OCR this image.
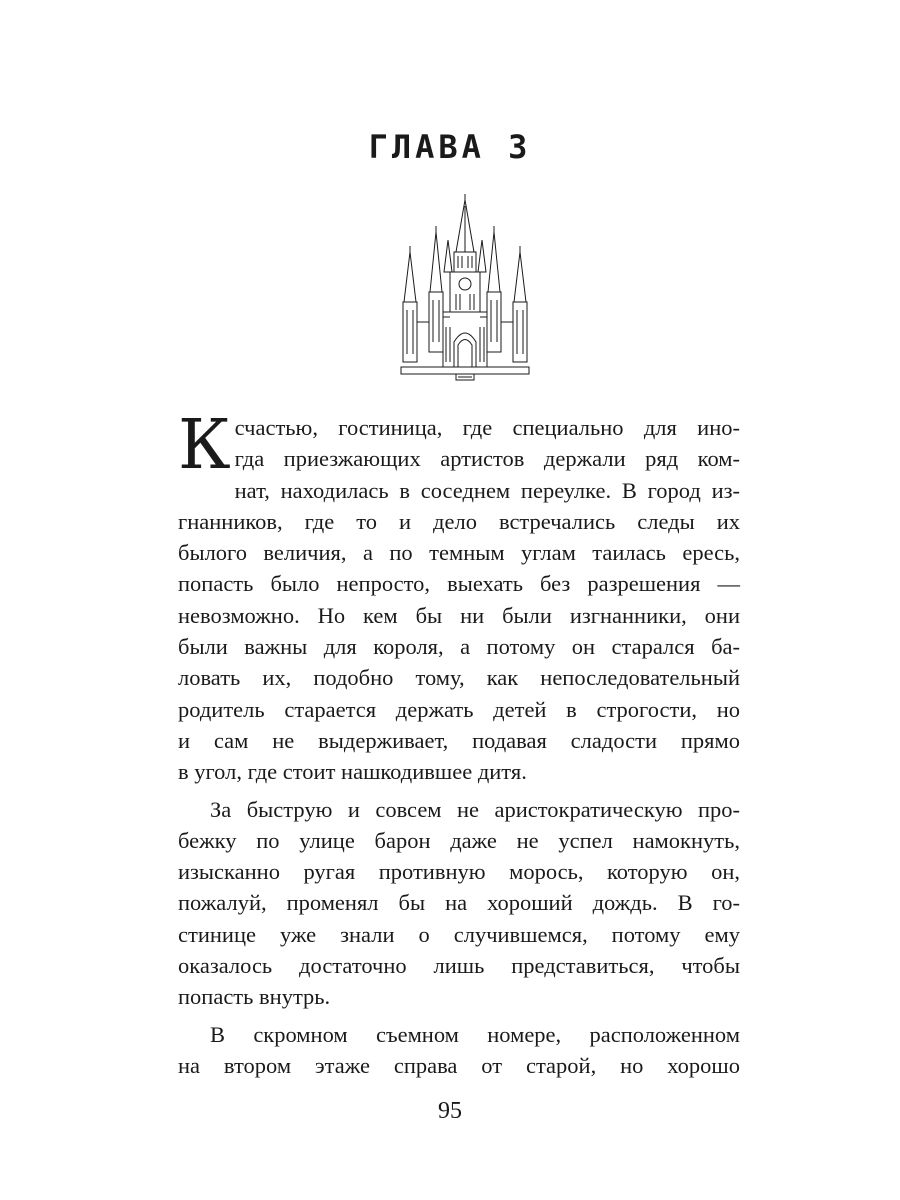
ГЛАВА 3

К счастью, гостиница, где специально для ино-
гда приезжающих артистов держали ряд ком-
нат, находилась в соседнем переулке. В город из-
гнанников, где то и дело встречались следы их
былого величия, а по темным углам таилась ересь,
попасть было непросто, выехать без разрешения —
невозможно. Но кем бы ни были изгнанники, они
были важны для короля, а потому он старался ба-
ловать их, подобно тому, как непоследовательный
родитель старается держать детей в строгости, но
и сам не выдерживает, подавая сладости прямо
в угол, где стоит нашкодившее дитя.

За быструю и совсем не аристократическую про-
бежку по улице барон даже не успел намокнуть,
изысканно ругая противную морось, которую он,
пожалуй, променял бы на хороший дождь. В го-
стинице уже знали о случившемся, потому ему
оказалось достаточно лишь представиться, чтобы
попасть внутрь.

В скромном съемном номере, расположенном
на втором этаже справа от старой, но хорошо

95
